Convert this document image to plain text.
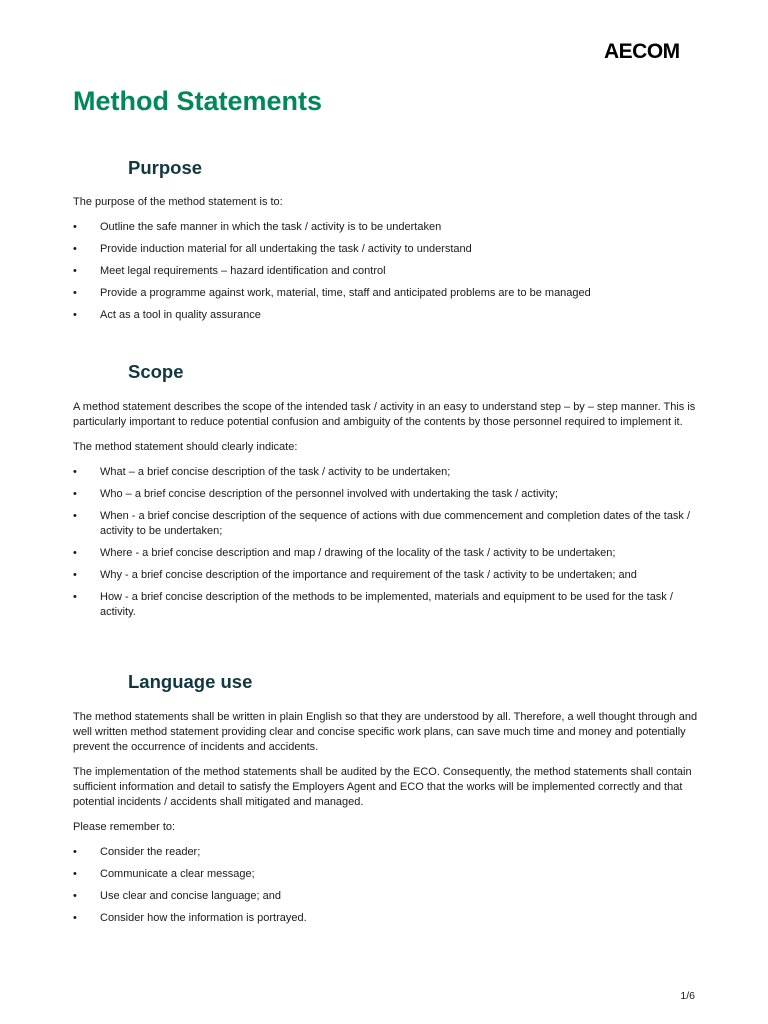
AECOM
Method Statements
Purpose

The purpose of the method statement is to:

• Outline the safe manner in which the task / activity is to be undertaken
• Provide induction material for all undertaking the task / activity to understand
• Meet legal requirements – hazard identification and control
• Provide a programme against work, material, time, staff and anticipated problems are to be managed
• Act as a tool in quality assurance
Scope

A method statement describes the scope of the intended task / activity in an easy to understand step – by – step manner. This is particularly important to reduce potential confusion and ambiguity of the contents by those personnel required to implement it.

The method statement should clearly indicate:

• What – a brief concise description of the task / activity to be undertaken;
• Who – a brief concise description of the personnel involved with undertaking the task / activity;
• When - a brief concise description of the sequence of actions with due commencement and completion dates of the task / activity to be undertaken;
• Where - a brief concise description and map / drawing of the locality of the task / activity to be undertaken;
• Why - a brief concise description of the importance and requirement of the task / activity to be undertaken; and
• How - a brief concise description of the methods to be implemented, materials and equipment to be used for the task / activity.
Language use

The method statements shall be written in plain English so that they are understood by all. Therefore, a well thought through and well written method statement providing clear and concise specific work plans, can save much time and money and potentially prevent the occurrence of incidents and accidents.

The implementation of the method statements shall be audited by the ECO. Consequently, the method statements shall contain sufficient information and detail to satisfy the Employers Agent and ECO that the works will be implemented correctly and that potential incidents / accidents shall mitigated and managed.

Please remember to:

• Consider the reader;
• Communicate a clear message;
• Use clear and concise language; and
• Consider how the information is portrayed.
1/6
